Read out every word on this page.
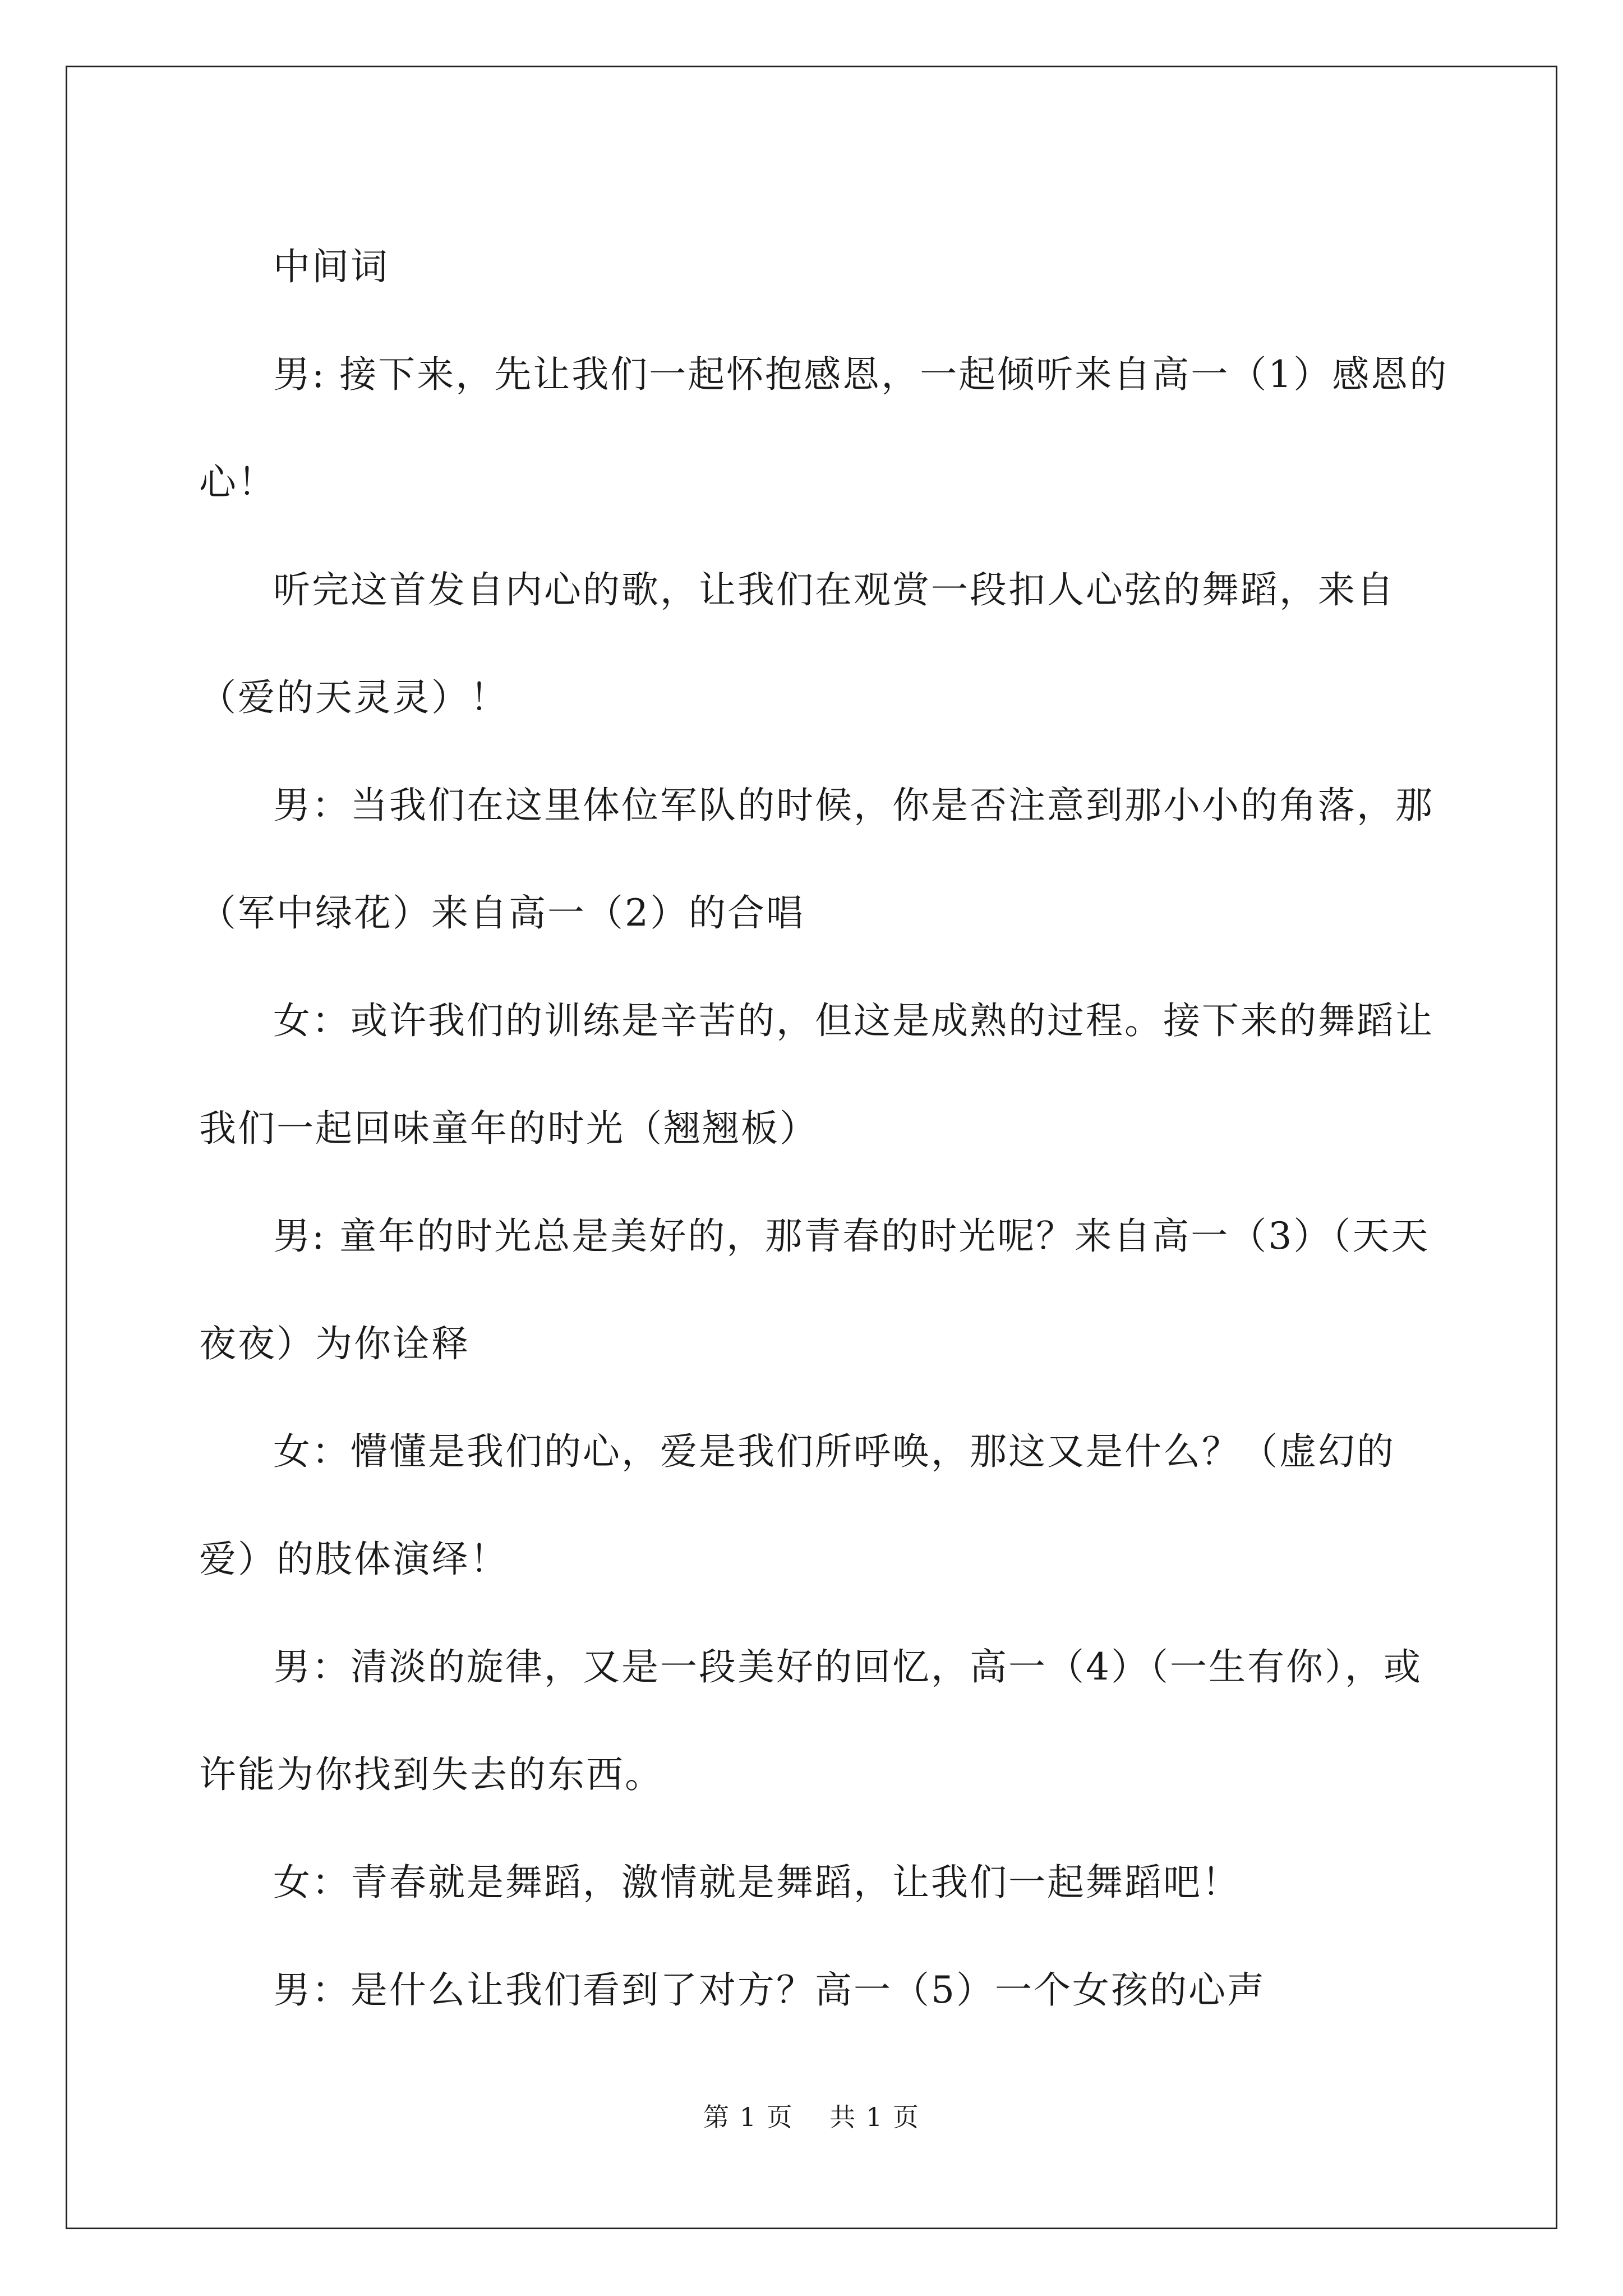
中间词

男: 接下来，先让我们一起怀抱感恩，一起倾听来自高一（1）感恩的心！

听完这首发自内心的歌，让我们在观赏一段扣人心弦的舞蹈，来自（爱的天灵灵）！

男：当我们在这里体位军队的时候，你是否注意到那小小的角落，那（军中绿花）来自高一（2）的合唱

女：或许我们的训练是辛苦的，但这是成熟的过程。接下来的舞蹈让我们一起回味童年的时光（翘翘板）

男: 童年的时光总是美好的，那青春的时光呢？来自高一（3）（天天夜夜）为你诠释

女：懵懂是我们的心，爱是我们所呼唤，那这又是什么？（虚幻的爱）的肢体演绎！

男：清淡的旋律，又是一段美好的回忆，高一（4）（一生有你），或许能为你找到失去的东西。

女：青春就是舞蹈，激情就是舞蹈，让我们一起舞蹈吧！

男：是什么让我们看到了对方？高一（5）一个女孩的心声

第 1 页　 共 1 页
